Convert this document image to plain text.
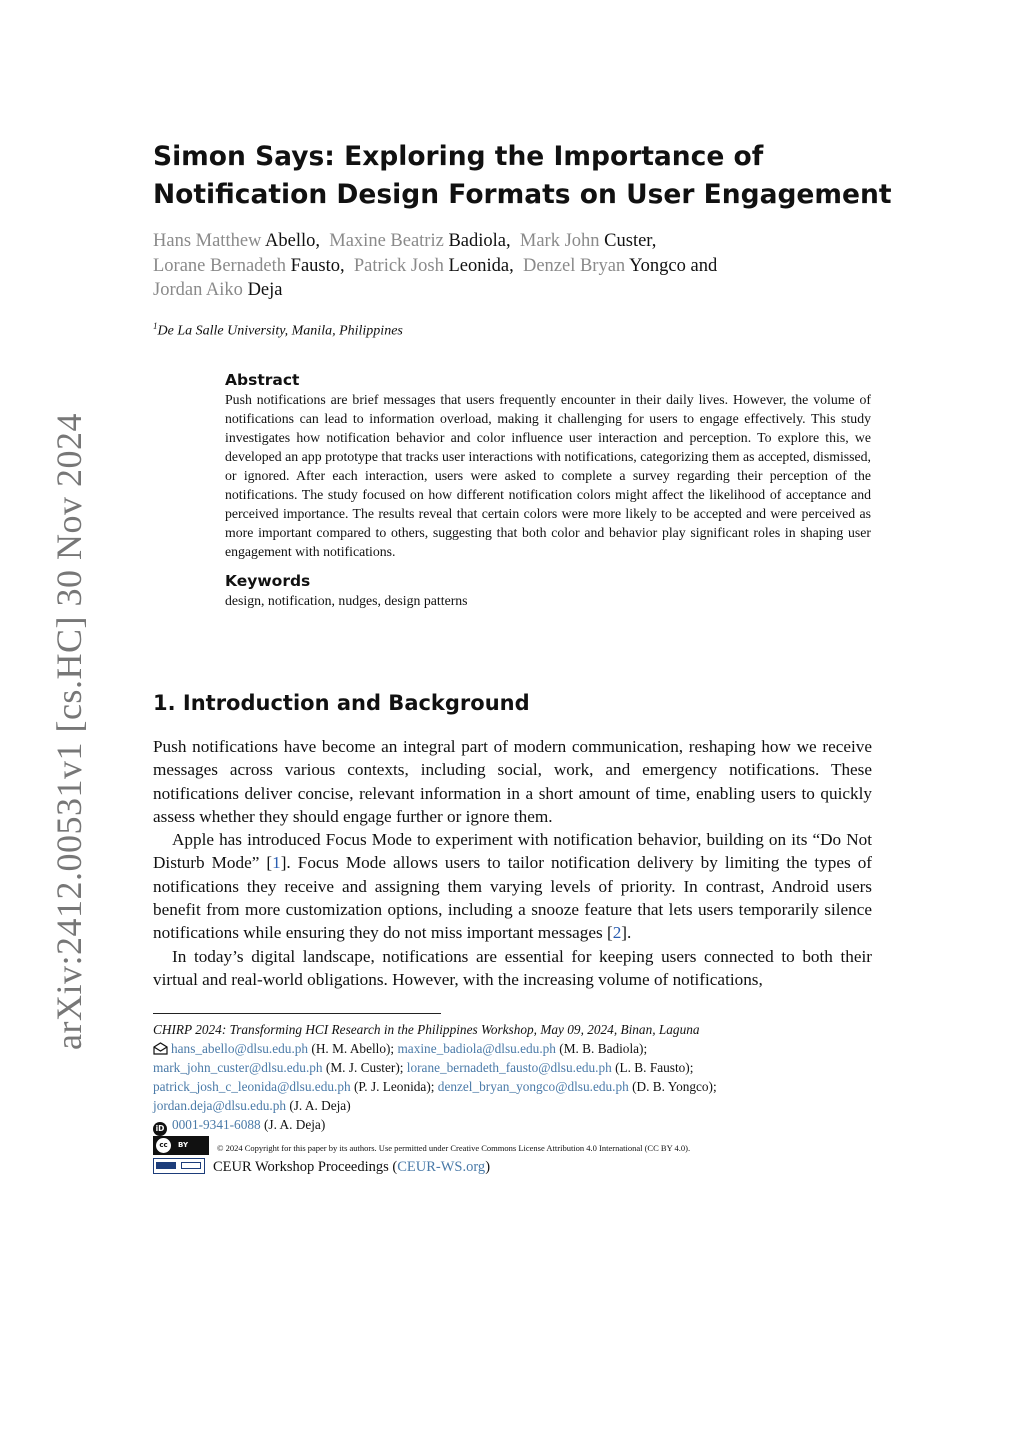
arXiv:2412.00531v1 [cs.HC] 30 Nov 2024
Simon Says: Exploring the Importance of Notification Design Formats on User Engagement
Hans Matthew Abello, Maxine Beatriz Badiola, Mark John Custer,
Lorane Bernadeth Fausto, Patrick Josh Leonida, Denzel Bryan Yongco and
Jordan Aiko Deja
$^1$De La Salle University, Manila, Philippines
Abstract

Push notifications are brief messages that users frequently encounter in their daily lives. However, the volume of notifications can lead to information overload, making it challenging for users to engage effectively. This study investigates how notification behavior and color influence user interaction and perception. To explore this, we developed an app prototype that tracks user interactions with notifications, categorizing them as accepted, dismissed, or ignored. After each interaction, users were asked to complete a survey regarding their perception of the notifications. The study focused on how different notification colors might affect the likelihood of acceptance and perceived importance. The results reveal that certain colors were more likely to be accepted and were perceived as more important compared to others, suggesting that both color and behavior play significant roles in shaping user engagement with notifications.

Keywords

design, notification, nudges, design patterns

1. Introduction and Background

Push notifications have become an integral part of modern communication, reshaping how we receive messages across various contexts, including social, work, and emergency notifications. These notifications deliver concise, relevant information in a short amount of time, enabling users to quickly assess whether they should engage further or ignore them.

Apple has introduced Focus Mode to experiment with notification behavior, building on its “Do Not Disturb Mode” [1]. Focus Mode allows users to tailor notification delivery by limiting the types of notifications they receive and assigning them varying levels of priority. In contrast, Android users benefit from more customization options, including a snooze feature that lets users temporarily silence notifications while ensuring they do not miss important messages [2].

In today’s digital landscape, notifications are essential for keeping users connected to both their virtual and real-world obligations. However, with the increasing volume of notifications,

CHIRP 2024: Transforming HCI Research in the Philippines Workshop, May 09, 2024, Binan, Laguna
hans_abello@dlsu.edu.ph (H. M. Abello); maxine_badiola@dlsu.edu.ph (M. B. Badiola);
mark_john_custer@dlsu.edu.ph (M. J. Custer); lorane_bernadeth_fausto@dlsu.edu.ph (L. B. Fausto);
patrick_josh_c_leonida@dlsu.edu.ph (P. J. Leonida); denzel_bryan_yongco@dlsu.edu.ph (D. B. Yongco);
jordan.deja@dlsu.edu.ph (J. A. Deja)
iD 0001-9341-6088 (J. A. Deja)
cc	BY	© 2024 Copyright for this paper by its authors. Use permitted under Creative Commons License Attribution 4.0 International (CC BY 4.0).
CEUR Workshop Proceedings (CEUR-WS.org)
